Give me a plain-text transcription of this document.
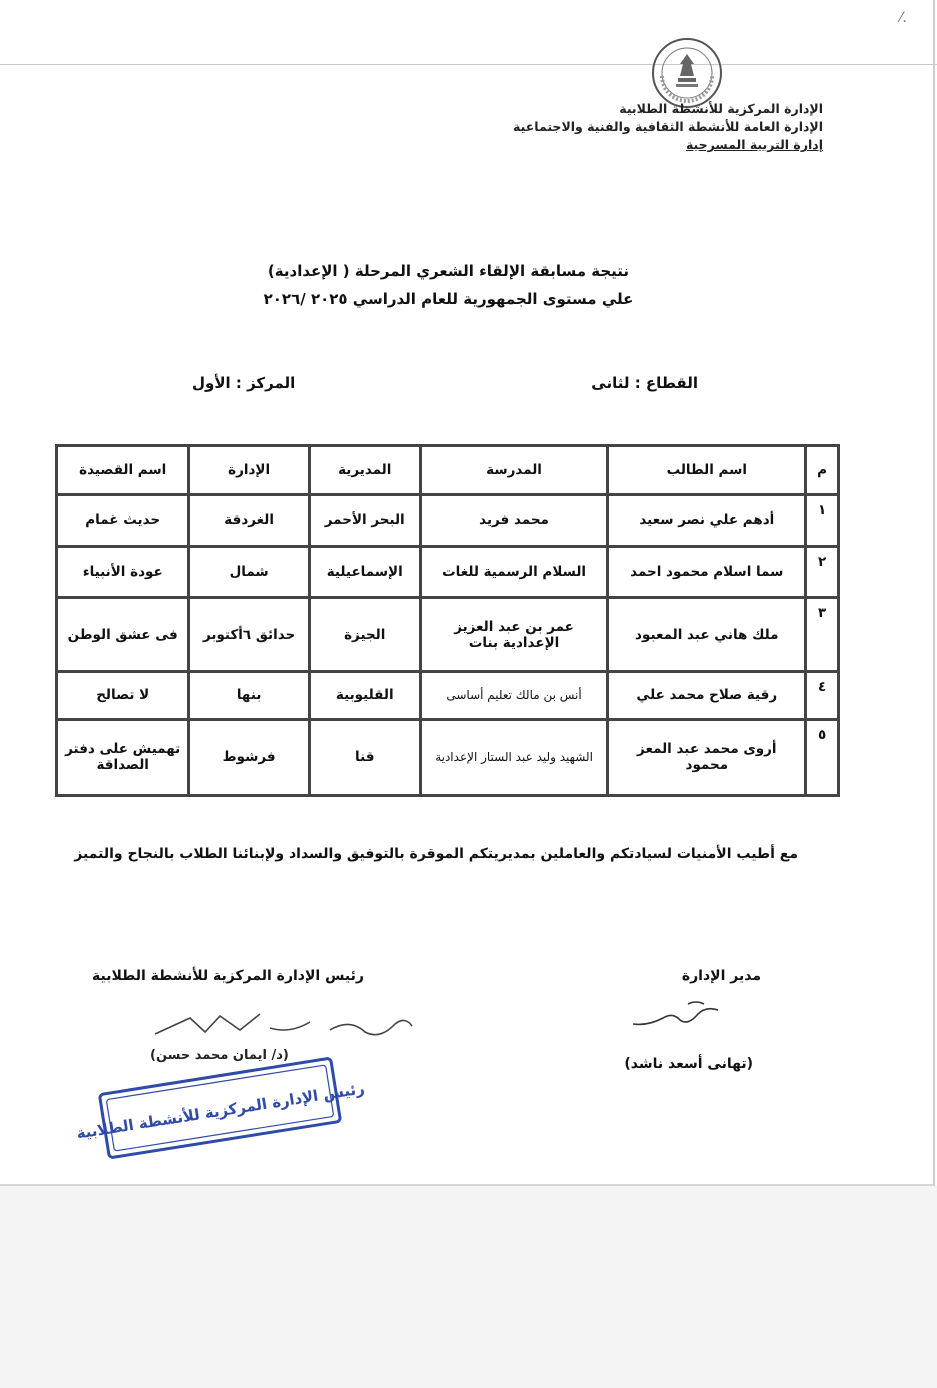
⁄.
الإدارة المركزية للأنشطة الطلابية
الإدارة العامة للأنشطة الثقافية والفنية والاجتماعية
إدارة التربية المسرحية
نتيجة مسابقة الإلقاء الشعري المرحلة ( الإعدادية)
علي مستوى الجمهورية للعام الدراسي ٢٠٢٥ /٢٠٢٦
القطاع : لثانى
المركز : الأول
م	اسم الطالب	المدرسة	المديرية	الإدارة	اسم القصيدة
١	أدهم علي نصر سعيد	محمد فريد	البحر الأحمر	الغردقة	حديث غمام
٢	سما اسلام محمود احمد	السلام الرسمية للغات	الإسماعيلية	شمال	عودة الأنبياء
٣	ملك هاني عبد المعبود	عمر بن عبد العزيز الإعدادية بنات	الجيزة	حدائق ٦أكتوبر	فى عشق الوطن
٤	رقية صلاح محمد علي	أنس بن مالك تعليم أساسى	القليوبية	بنها	لا تصالح
٥	أروى محمد عبد المعز محمود	الشهيد وليد عبد الستار الإعدادية	قنا	فرشوط	تهميش على دفتر الصداقة
مع أطيب الأمنيات لسيادتكم والعاملين بمديريتكم الموقرة بالتوفيق والسداد ولإبنائنا الطلاب بالنجاح والتميز
مدير الإدارة
(تهانى أسعد ناشد)
رئيس الإدارة المركزية للأنشطة الطلابية
(د/ ايمان محمد حسن)
رئيس الإدارة المركزية للأنشطة الطلابية
